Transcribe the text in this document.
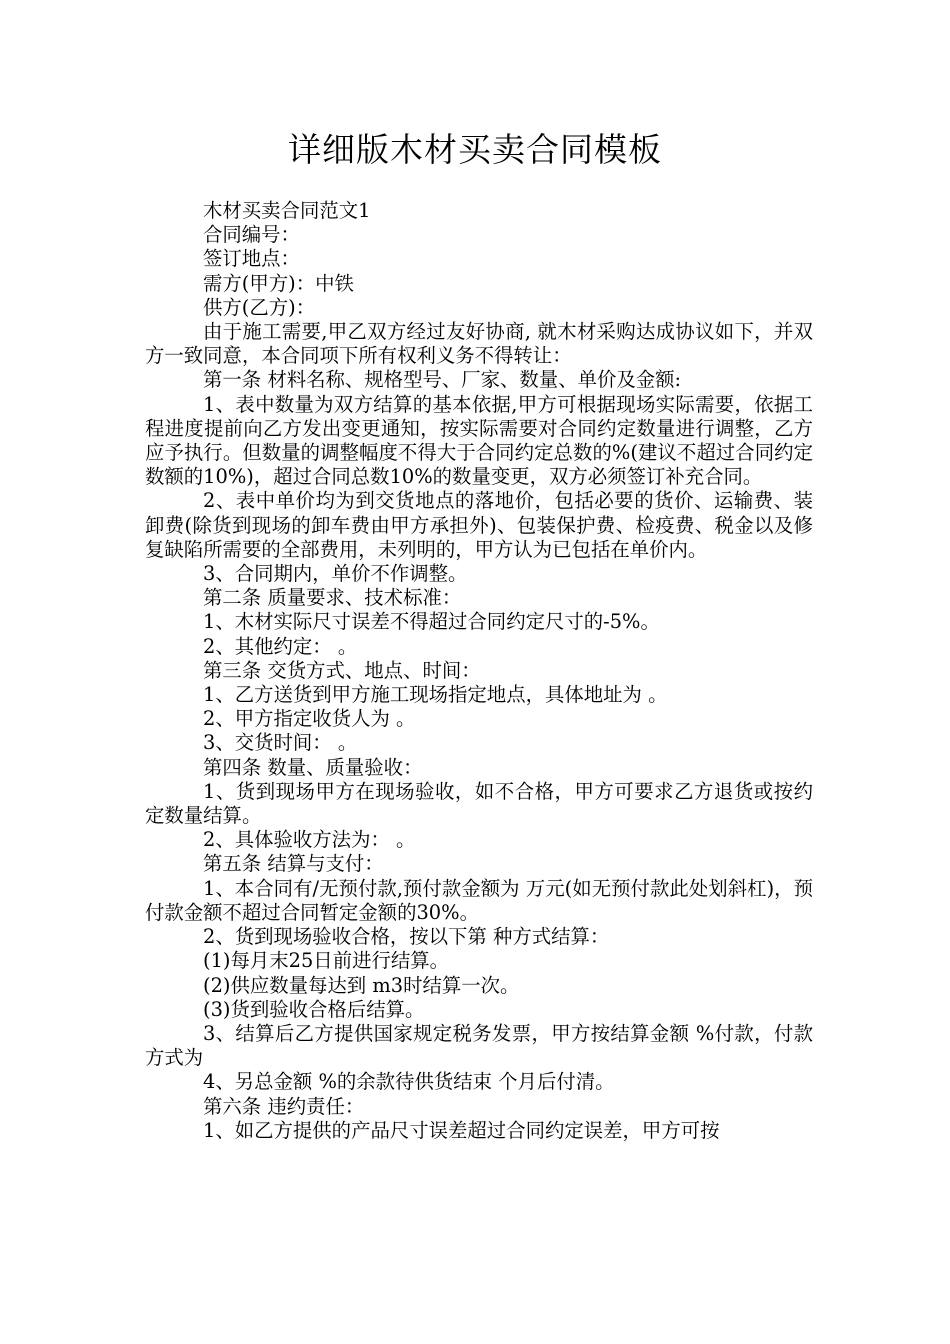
详细版木材买卖合同模板

木材买卖合同范文1

合同编号：

签订地点：

需方(甲方)：中铁

供方(乙方)：

由于施工需要,甲乙双方经过友好协商, 就木材采购达成协议如下，并双方一致同意，本合同项下所有权利义务不得转让：

第一条 材料名称、规格型号、厂家、数量、单价及金额:

1、表中数量为双方结算的基本依据,甲方可根据现场实际需要，依据工程进度提前向乙方发出变更通知，按实际需要对合同约定数量进行调整，乙方应予执行。但数量的调整幅度不得大于合同约定总数的%(建议不超过合同约定数额的10%)，超过合同总数10%的数量变更，双方必须签订补充合同。

2、表中单价均为到交货地点的落地价，包括必要的货价、运输费、装卸费(除货到现场的卸车费由甲方承担外)、包装保护费、检疫费、税金以及修复缺陷所需要的全部费用，未列明的，甲方认为已包括在单价内。

3、合同期内，单价不作调整。

第二条 质量要求、技术标准：

1、木材实际尺寸误差不得超过合同约定尺寸的-5%。

2、其他约定： 。

第三条 交货方式、地点、时间：

1、乙方送货到甲方施工现场指定地点，具体地址为 。

2、甲方指定收货人为 。

3、交货时间： 。

第四条 数量、质量验收：

1、货到现场甲方在现场验收，如不合格，甲方可要求乙方退货或按约定数量结算。

2、具体验收方法为： 。

第五条 结算与支付：

1、本合同有/无预付款,预付款金额为 万元(如无预付款此处划斜杠)，预付款金额不超过合同暂定金额的30%。

2、货到现场验收合格，按以下第 种方式结算：

(1)每月末25日前进行结算。

(2)供应数量每达到 m3时结算一次。

(3)货到验收合格后结算。

3、结算后乙方提供国家规定税务发票，甲方按结算金额 %付款，付款方式为

4、另总金额 %的余款待供货结束 个月后付清。

第六条 违约责任：

1、如乙方提供的产品尺寸误差超过合同约定误差，甲方可按
